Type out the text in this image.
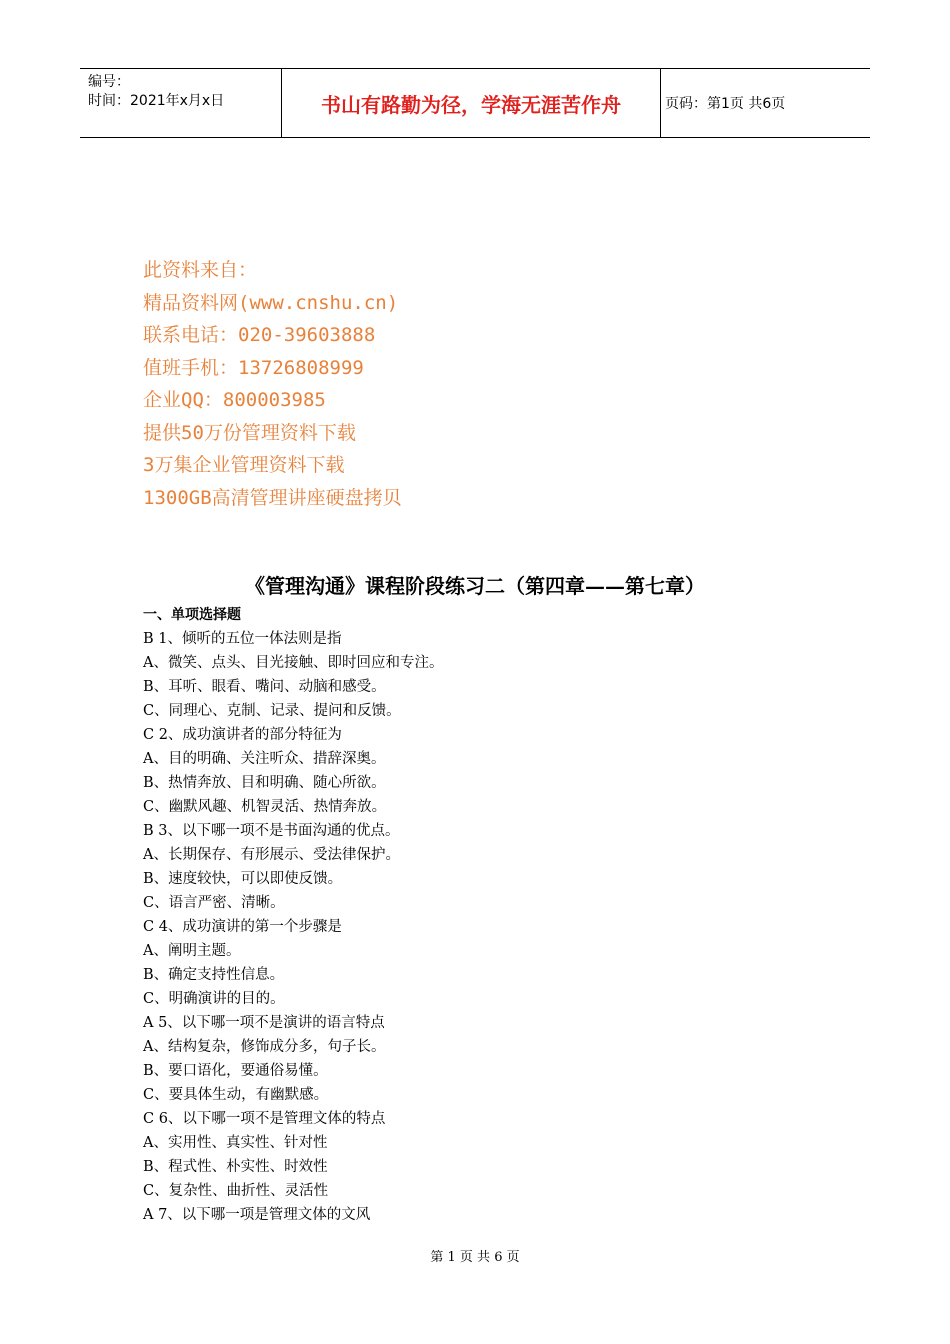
编号：
时间：2021年x月x日	书山有路勤为径，学海无涯苦作舟	页码：第1页 共6页
此资料来自：
精品资料网(www.cnshu.cn)
联系电话：020-39603888
值班手机：13726808999
企业QQ：800003985
提供50万份管理资料下载
3万集企业管理资料下载
1300GB高清管理讲座硬盘拷贝
《管理沟通》课程阶段练习二（第四章——第七章）
一、单项选择题
B 1、倾听的五位一体法则是指
A、微笑、点头、目光接触、即时回应和专注。
B、耳听、眼看、嘴问、动脑和感受。
C、同理心、克制、记录、提问和反馈。
C 2、成功演讲者的部分特征为
A、目的明确、关注听众、措辞深奥。
B、热情奔放、目和明确、随心所欲。
C、幽默风趣、机智灵活、热情奔放。
B 3、以下哪一项不是书面沟通的优点。
A、长期保存、有形展示、受法律保护。
B、速度较快，可以即使反馈。
C、语言严密、清晰。
C 4、成功演讲的第一个步骤是
A、阐明主题。
B、确定支持性信息。
C、明确演讲的目的。
A 5、以下哪一项不是演讲的语言特点
A、结构复杂，修饰成分多，句子长。
B、要口语化，要通俗易懂。
C、要具体生动，有幽默感。
C 6、以下哪一项不是管理文体的特点
A、实用性、真实性、针对性
B、程式性、朴实性、时效性
C、复杂性、曲折性、灵活性
A 7、以下哪一项是管理文体的文风
第 1 页 共 6 页
